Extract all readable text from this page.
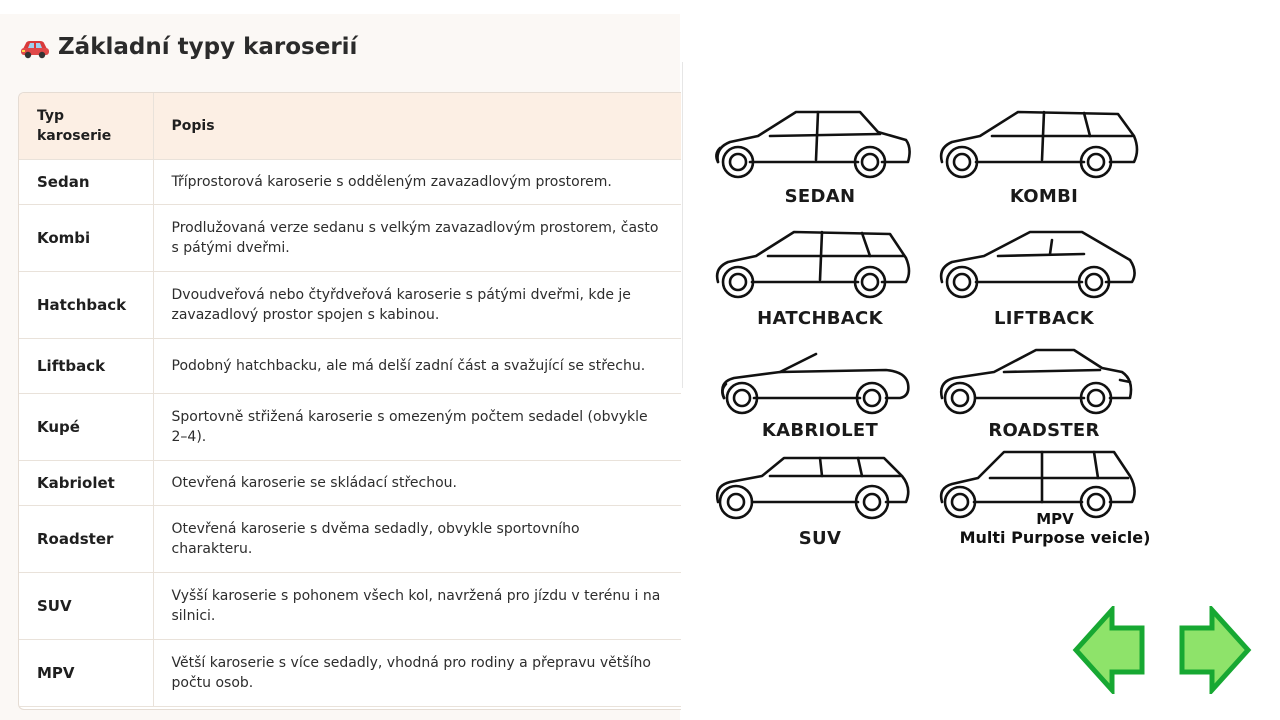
Základní typy karoserií
Typ karoserie	Popis
Sedan	Tříprostorová karoserie s odděleným zavazadlovým prostorem.
Kombi	Prodlužovaná verze sedanu s velkým zavazadlovým prostorem, často s pátými dveřmi.
Hatchback	Dvoudveřová nebo čtyřdveřová karoserie s pátými dveřmi, kde je zavazadlový prostor spojen s kabinou.
Liftback	Podobný hatchbacku, ale má delší zadní část a svažující se střechu.
Kupé	Sportovně střižená karoserie s omezeným počtem sedadel (obvykle 2–4).
Kabriolet	Otevřená karoserie se skládací střechou.
Roadster	Otevřená karoserie s dvěma sedadly, obvykle sportovního charakteru.
SUV	Vyšší karoserie s pohonem všech kol, navržená pro jízdu v terénu i na silnici.
MPV	Větší karoserie s více sedadly, vhodná pro rodiny a přepravu většího počtu osob.
SEDAN	KOMBI
HATCHBACK	LIFTBACK
KABRIOLET	ROADSTER
SUV
MPV
Multi Purpose veicle)
